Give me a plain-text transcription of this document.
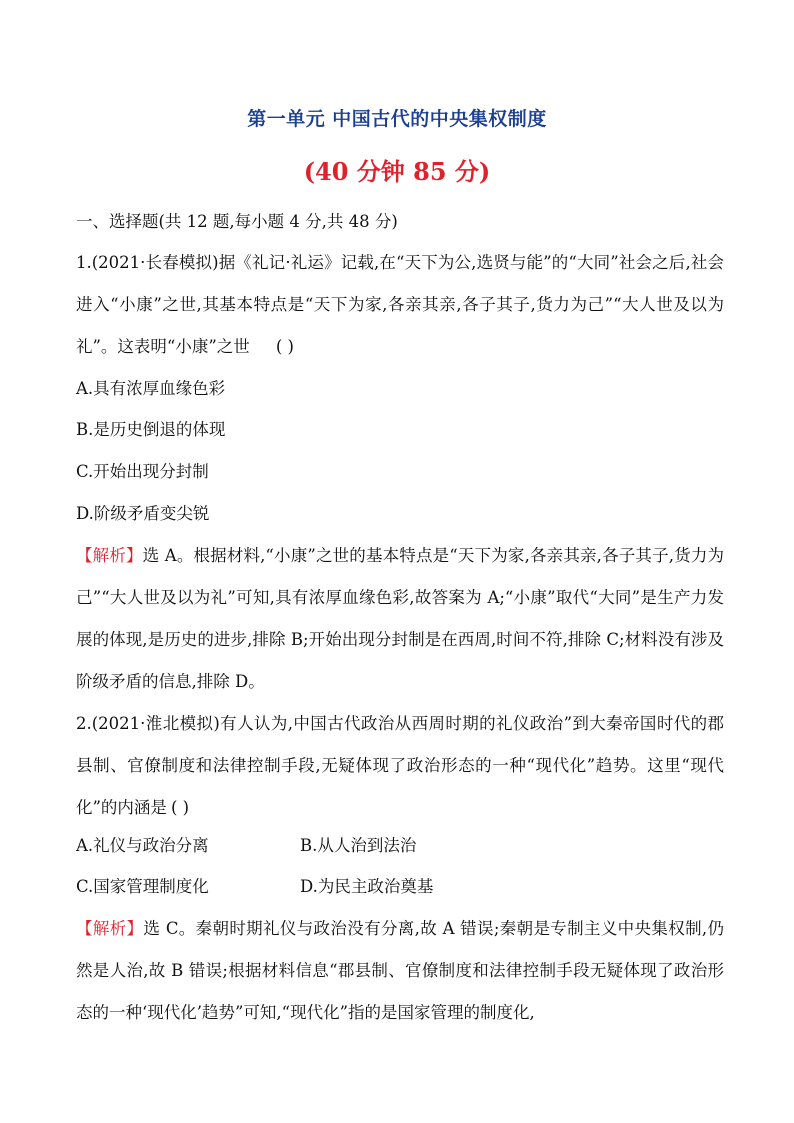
第一单元 中国古代的中央集权制度
(40 分钟 85 分)
一、选择题(共 12 题,每小题 4 分,共 48 分)
1.(2021·长春模拟)据《礼记·礼运》记载,在“天下为公,选贤与能”的“大同”社会之后,社会进入“小康”之世,其基本特点是“天下为家,各亲其亲,各子其子,货力为己”“大人世及以为礼”。这表明“小康”之世 ( )
A.具有浓厚血缘色彩
B.是历史倒退的体现
C.开始出现分封制
D.阶级矛盾变尖锐
【解析】选 A。根据材料,“小康”之世的基本特点是“天下为家,各亲其亲,各子其子,货力为己”“大人世及以为礼”可知,具有浓厚血缘色彩,故答案为 A;“小康”取代“大同”是生产力发展的体现,是历史的进步,排除 B;开始出现分封制是在西周,时间不符,排除 C;材料没有涉及阶级矛盾的信息,排除 D。
2.(2021·淮北模拟)有人认为,中国古代政治从西周时期的礼仪政治”到大秦帝国时代的郡县制、官僚制度和法律控制手段,无疑体现了政治形态的一种“现代化”趋势。这里“现代化”的内涵是 ( )
A.礼仪与政治分离	B.从人治到法治
C.国家管理制度化	D.为民主政治奠基
【解析】选 C。秦朝时期礼仪与政治没有分离,故 A 错误;秦朝是专制主义中央集权制,仍然是人治,故 B 错误;根据材料信息“郡县制、官僚制度和法律控制手段无疑体现了政治形态的一种‘现代化’趋势”可知,“现代化”指的是国家管理的制度化,
